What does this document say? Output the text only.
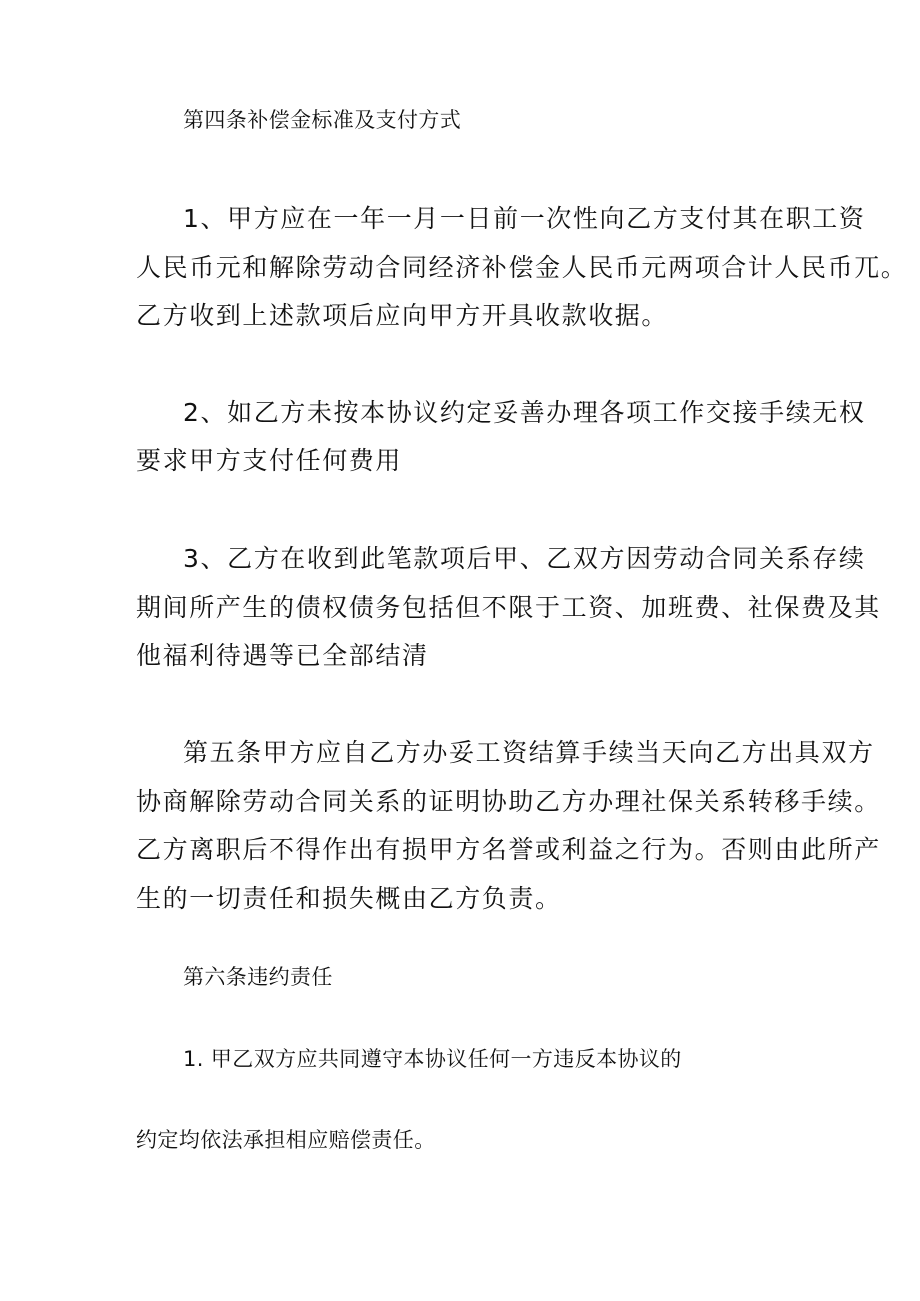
第四条补偿金标准及支付方式

1、甲方应在一年一月一日前一次性向乙方支付其在职工资

人民币元和解除劳动合同经济补偿金人民币元两项合计人民币兀。

乙方收到上述款项后应向甲方开具收款收据。

2、如乙方未按本协议约定妥善办理各项工作交接手续无权

要求甲方支付任何费用

3、乙方在收到此笔款项后甲、乙双方因劳动合同关系存续

期间所产生的债权债务包括但不限于工资、加班费、社保费及其

他福利待遇等已全部结清

第五条甲方应自乙方办妥工资结算手续当天向乙方出具双方

协商解除劳动合同关系的证明协助乙方办理社保关系转移手续。

乙方离职后不得作出有损甲方名誉或利益之行为。否则由此所产

生的一切责任和损失概由乙方负责。

第六条违约责任

1. 甲乙双方应共同遵守本协议任何一方违反本协议的

约定均依法承担相应赔偿责任。
